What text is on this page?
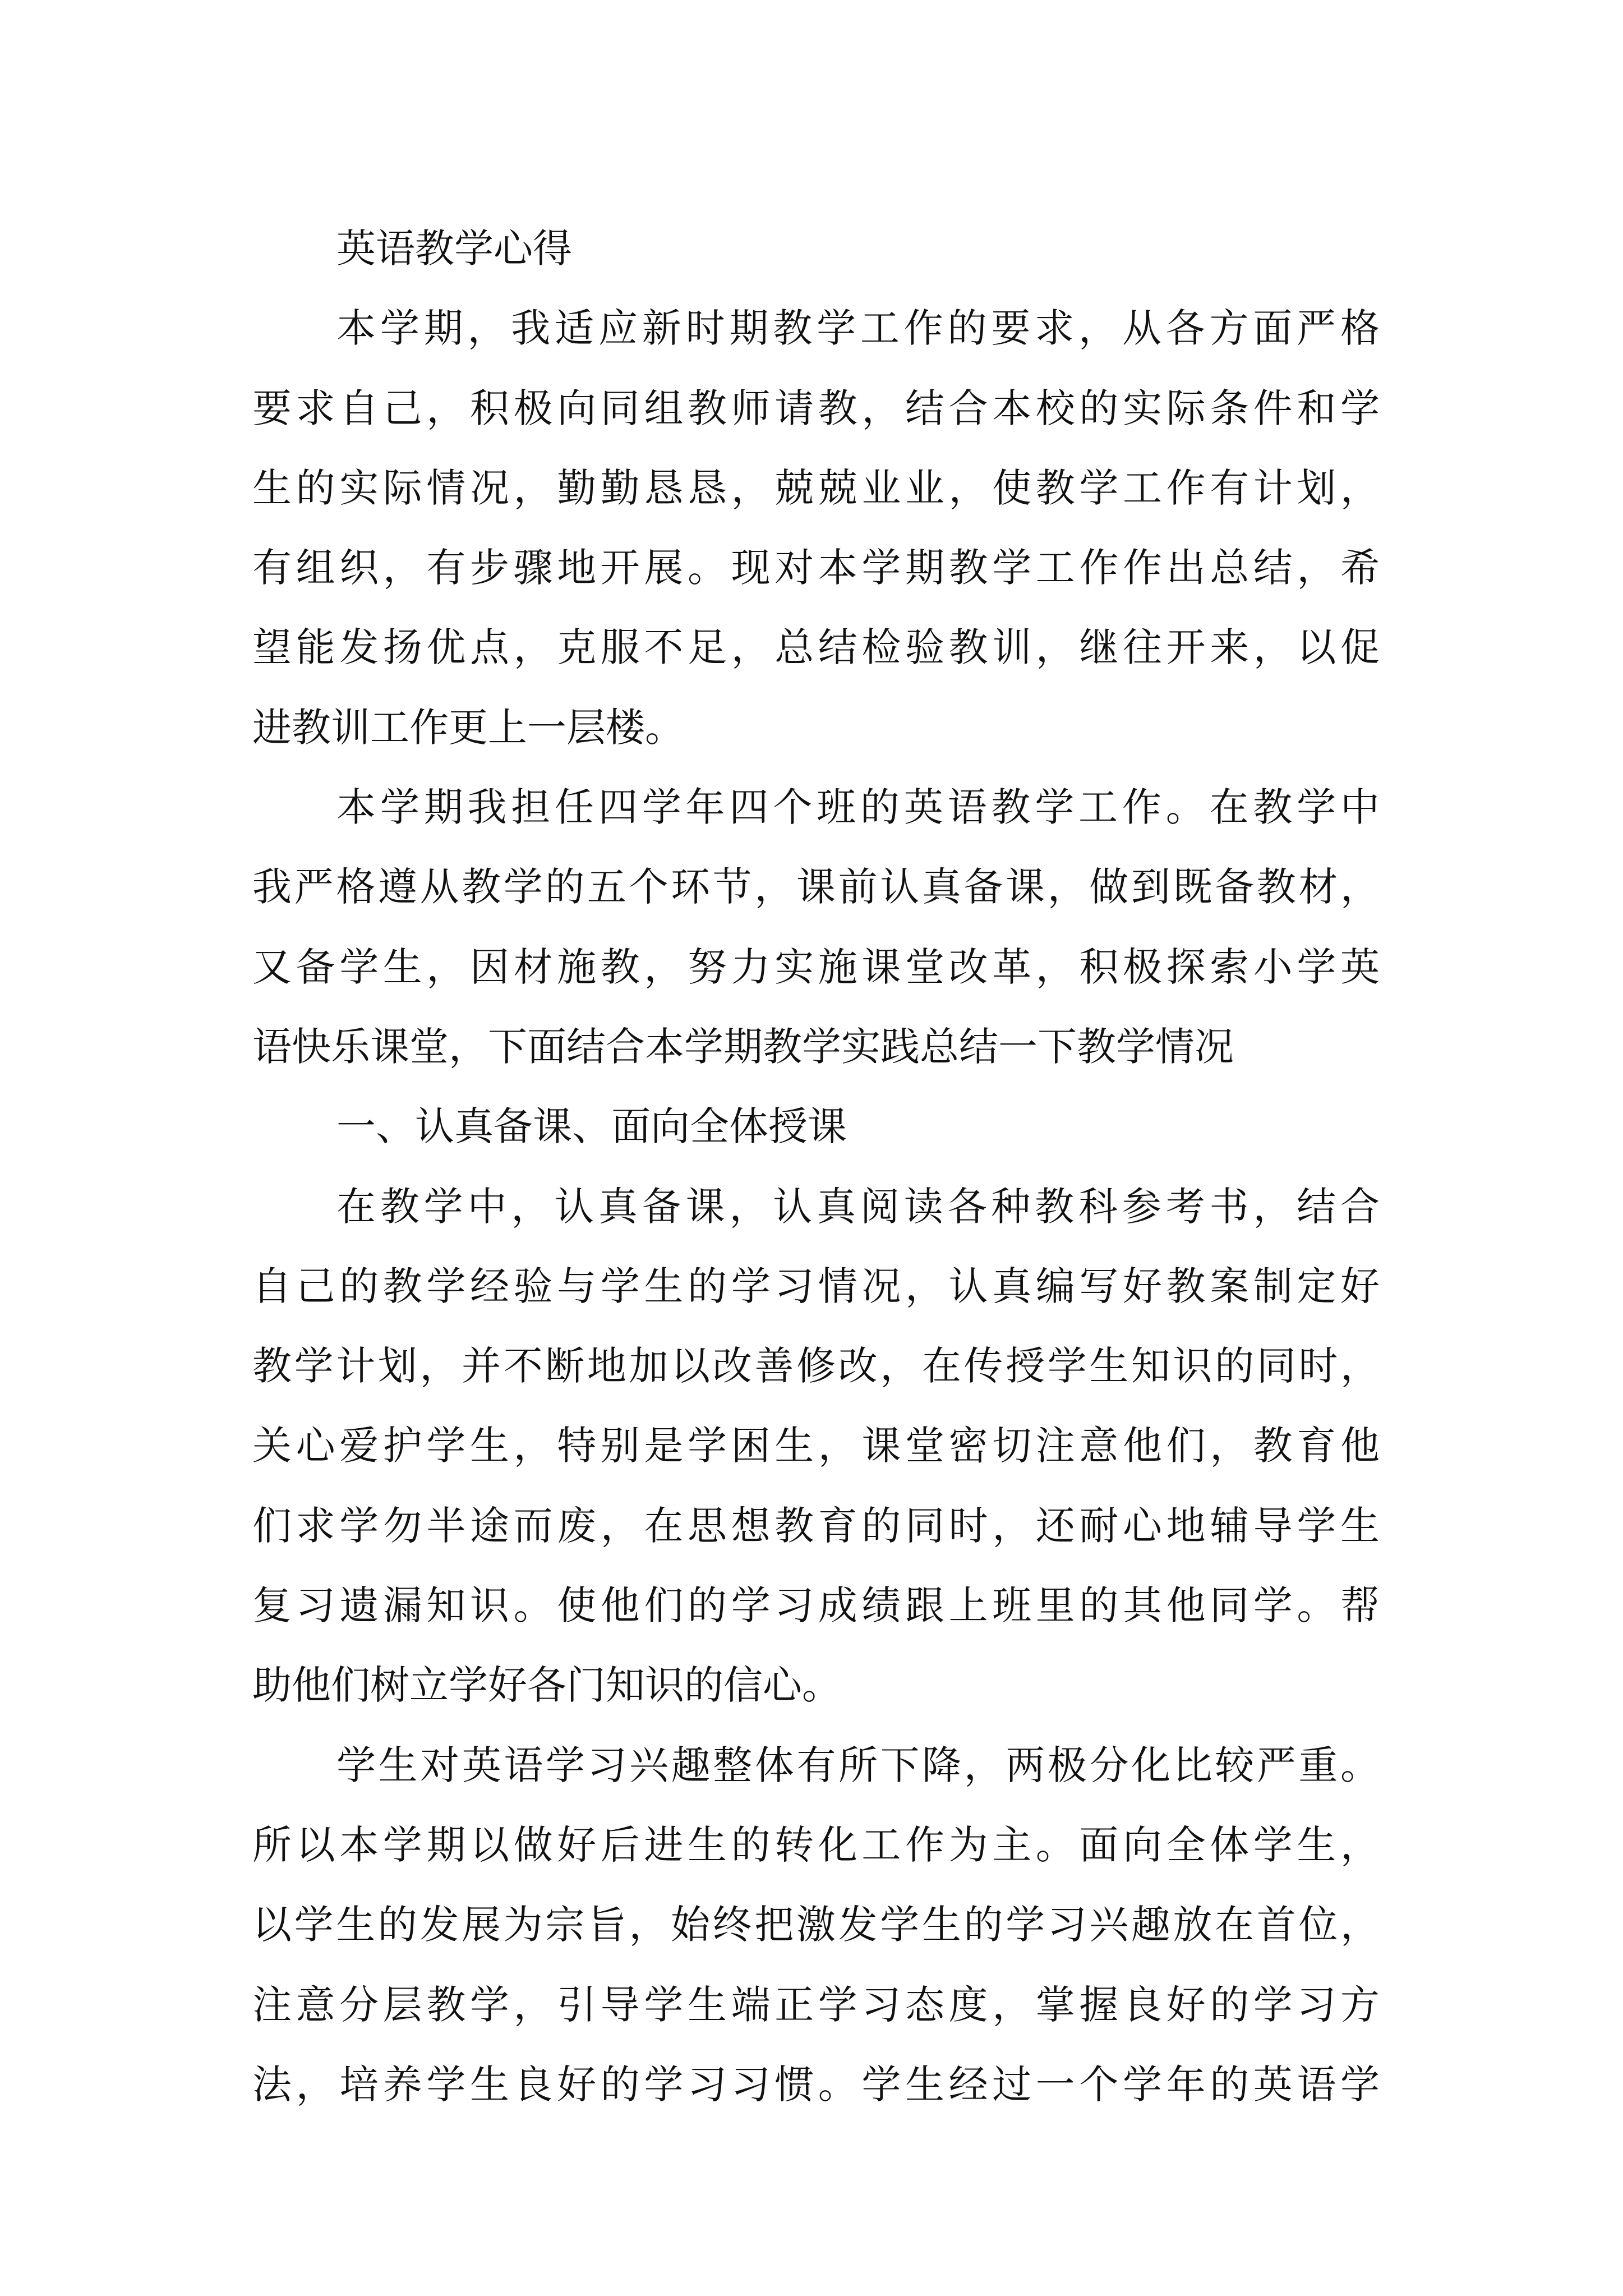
英语教学心得
本学期，我适应新时期教学工作的要求，从各方面严格
要求自己，积极向同组教师请教，结合本校的实际条件和学
生的实际情况，勤勤恳恳，兢兢业业，使教学工作有计划，
有组织，有步骤地开展。现对本学期教学工作作出总结，希
望能发扬优点，克服不足，总结检验教训，继往开来，以促
进教训工作更上一层楼。
本学期我担任四学年四个班的英语教学工作。在教学中
我严格遵从教学的五个环节，课前认真备课，做到既备教材，
又备学生，因材施教，努力实施课堂改革，积极探索小学英
语快乐课堂，下面结合本学期教学实践总结一下教学情况
一、认真备课、面向全体授课
在教学中，认真备课，认真阅读各种教科参考书，结合
自己的教学经验与学生的学习情况，认真编写好教案制定好
教学计划，并不断地加以改善修改，在传授学生知识的同时，
关心爱护学生，特别是学困生，课堂密切注意他们，教育他
们求学勿半途而废，在思想教育的同时，还耐心地辅导学生
复习遗漏知识。使他们的学习成绩跟上班里的其他同学。帮
助他们树立学好各门知识的信心。
学生对英语学习兴趣整体有所下降，两极分化比较严重。
所以本学期以做好后进生的转化工作为主。面向全体学生，
以学生的发展为宗旨，始终把激发学生的学习兴趣放在首位，
注意分层教学，引导学生端正学习态度，掌握良好的学习方
法，培养学生良好的学习习惯。学生经过一个学年的英语学
